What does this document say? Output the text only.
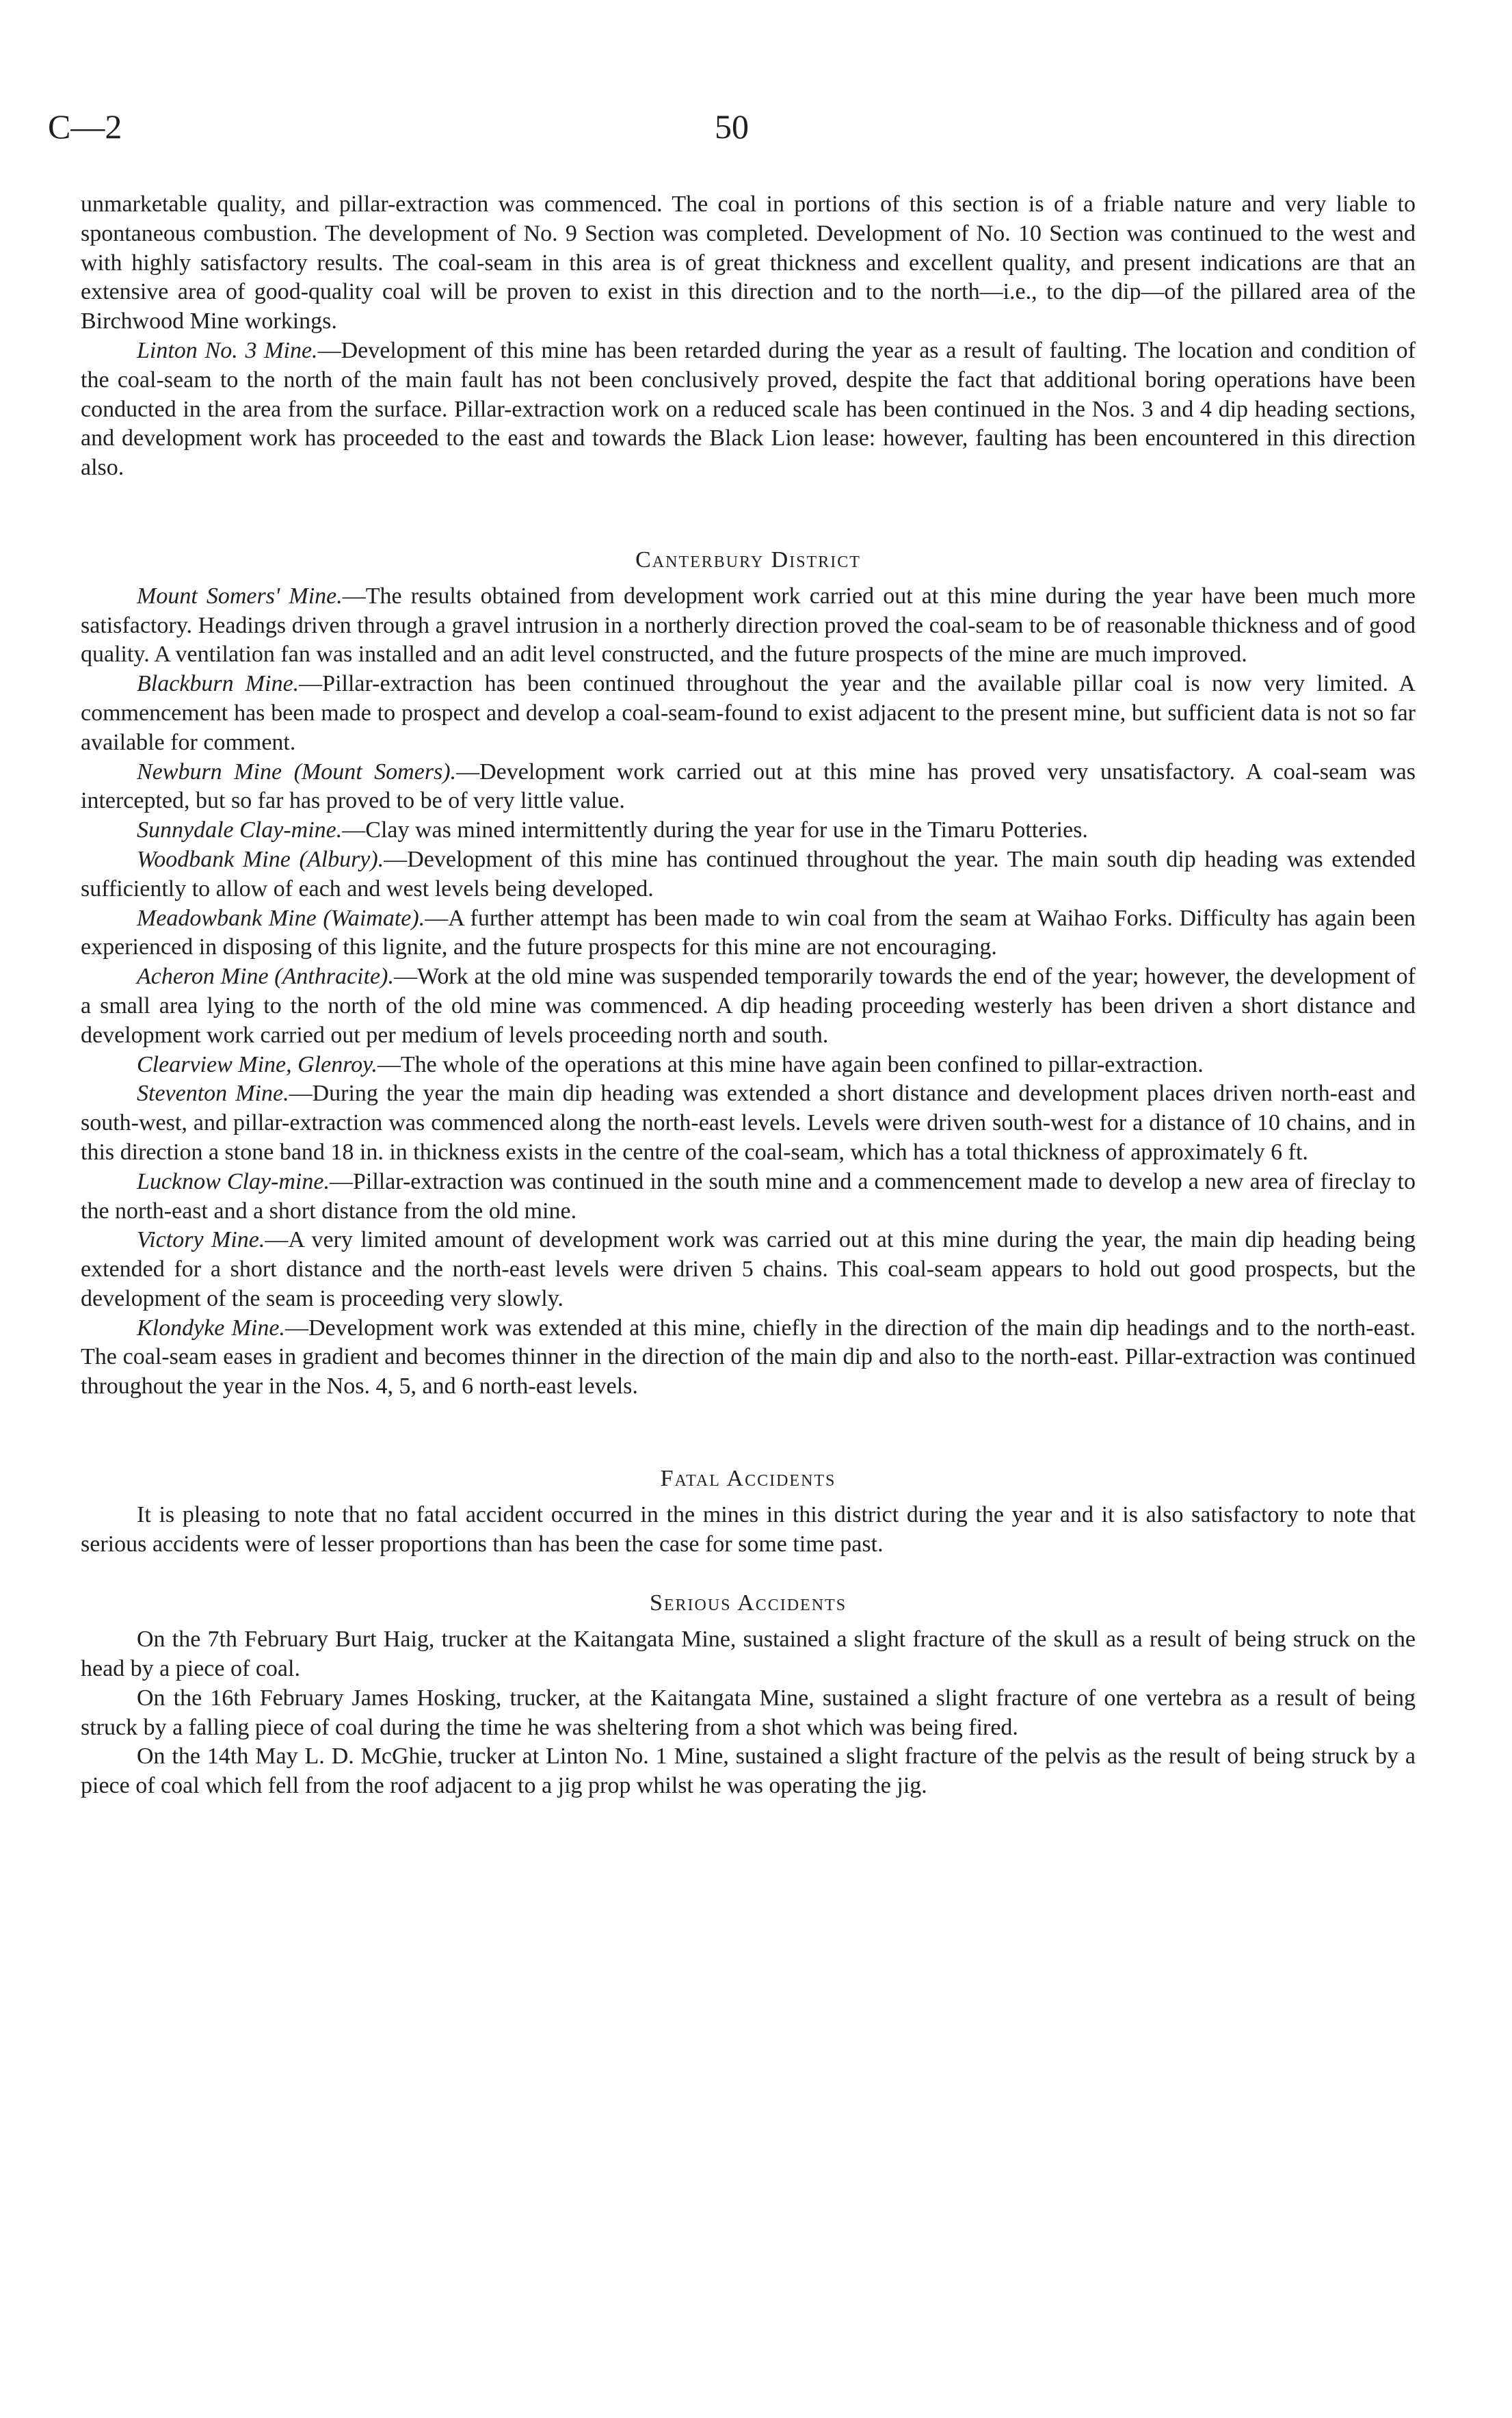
C—2	50

unmarketable quality, and pillar-extraction was commenced. The coal in portions of this section is of a friable nature and very liable to spontaneous combustion. The development of No. 9 Section was completed. Development of No. 10 Section was continued to the west and with highly satisfactory results. The coal-seam in this area is of great thickness and excellent quality, and present indications are that an extensive area of good-quality coal will be proven to exist in this direction and to the north—i.e., to the dip—of the pillared area of the Birchwood Mine workings.

Linton No. 3 Mine.—Development of this mine has been retarded during the year as a result of faulting. The location and condition of the coal-seam to the north of the main fault has not been conclusively proved, despite the fact that additional boring operations have been conducted in the area from the surface. Pillar-extraction work on a reduced scale has been continued in the Nos. 3 and 4 dip heading sections, and development work has proceeded to the east and towards the Black Lion lease: however, faulting has been encountered in this direction also.

Canterbury District

Mount Somers' Mine.—The results obtained from development work carried out at this mine during the year have been much more satisfactory. Headings driven through a gravel intrusion in a northerly direction proved the coal-seam to be of reasonable thickness and of good quality. A ventilation fan was installed and an adit level constructed, and the future prospects of the mine are much improved.

Blackburn Mine.—Pillar-extraction has been continued throughout the year and the available pillar coal is now very limited. A commencement has been made to prospect and develop a coal-seam-found to exist adjacent to the present mine, but sufficient data is not so far available for comment.

Newburn Mine (Mount Somers).—Development work carried out at this mine has proved very unsatisfactory. A coal-seam was intercepted, but so far has proved to be of very little value.

Sunnydale Clay-mine.—Clay was mined intermittently during the year for use in the Timaru Potteries.

Woodbank Mine (Albury).—Development of this mine has continued throughout the year. The main south dip heading was extended sufficiently to allow of each and west levels being developed.

Meadowbank Mine (Waimate).—A further attempt has been made to win coal from the seam at Waihao Forks. Difficulty has again been experienced in disposing of this lignite, and the future prospects for this mine are not encouraging.

Acheron Mine (Anthracite).—Work at the old mine was suspended temporarily towards the end of the year; however, the development of a small area lying to the north of the old mine was commenced. A dip heading proceeding westerly has been driven a short distance and development work carried out per medium of levels proceeding north and south.

Clearview Mine, Glenroy.—The whole of the operations at this mine have again been confined to pillar-extraction.

Steventon Mine.—During the year the main dip heading was extended a short distance and development places driven north-east and south-west, and pillar-extraction was commenced along the north-east levels. Levels were driven south-west for a distance of 10 chains, and in this direction a stone band 18 in. in thickness exists in the centre of the coal-seam, which has a total thickness of approximately 6 ft.

Lucknow Clay-mine.—Pillar-extraction was continued in the south mine and a commencement made to develop a new area of fireclay to the north-east and a short distance from the old mine.

Victory Mine.—A very limited amount of development work was carried out at this mine during the year, the main dip heading being extended for a short distance and the north-east levels were driven 5 chains. This coal-seam appears to hold out good prospects, but the development of the seam is proceeding very slowly.

Klondyke Mine.—Development work was extended at this mine, chiefly in the direction of the main dip headings and to the north-east. The coal-seam eases in gradient and becomes thinner in the direction of the main dip and also to the north-east. Pillar-extraction was continued throughout the year in the Nos. 4, 5, and 6 north-east levels.

Fatal Accidents

It is pleasing to note that no fatal accident occurred in the mines in this district during the year and it is also satisfactory to note that serious accidents were of lesser proportions than has been the case for some time past.

Serious Accidents

On the 7th February Burt Haig, trucker at the Kaitangata Mine, sustained a slight fracture of the skull as a result of being struck on the head by a piece of coal.

On the 16th February James Hosking, trucker, at the Kaitangata Mine, sustained a slight fracture of one vertebra as a result of being struck by a falling piece of coal during the time he was sheltering from a shot which was being fired.

On the 14th May L. D. McGhie, trucker at Linton No. 1 Mine, sustained a slight fracture of the pelvis as the result of being struck by a piece of coal which fell from the roof adjacent to a jig prop whilst he was operating the jig.
